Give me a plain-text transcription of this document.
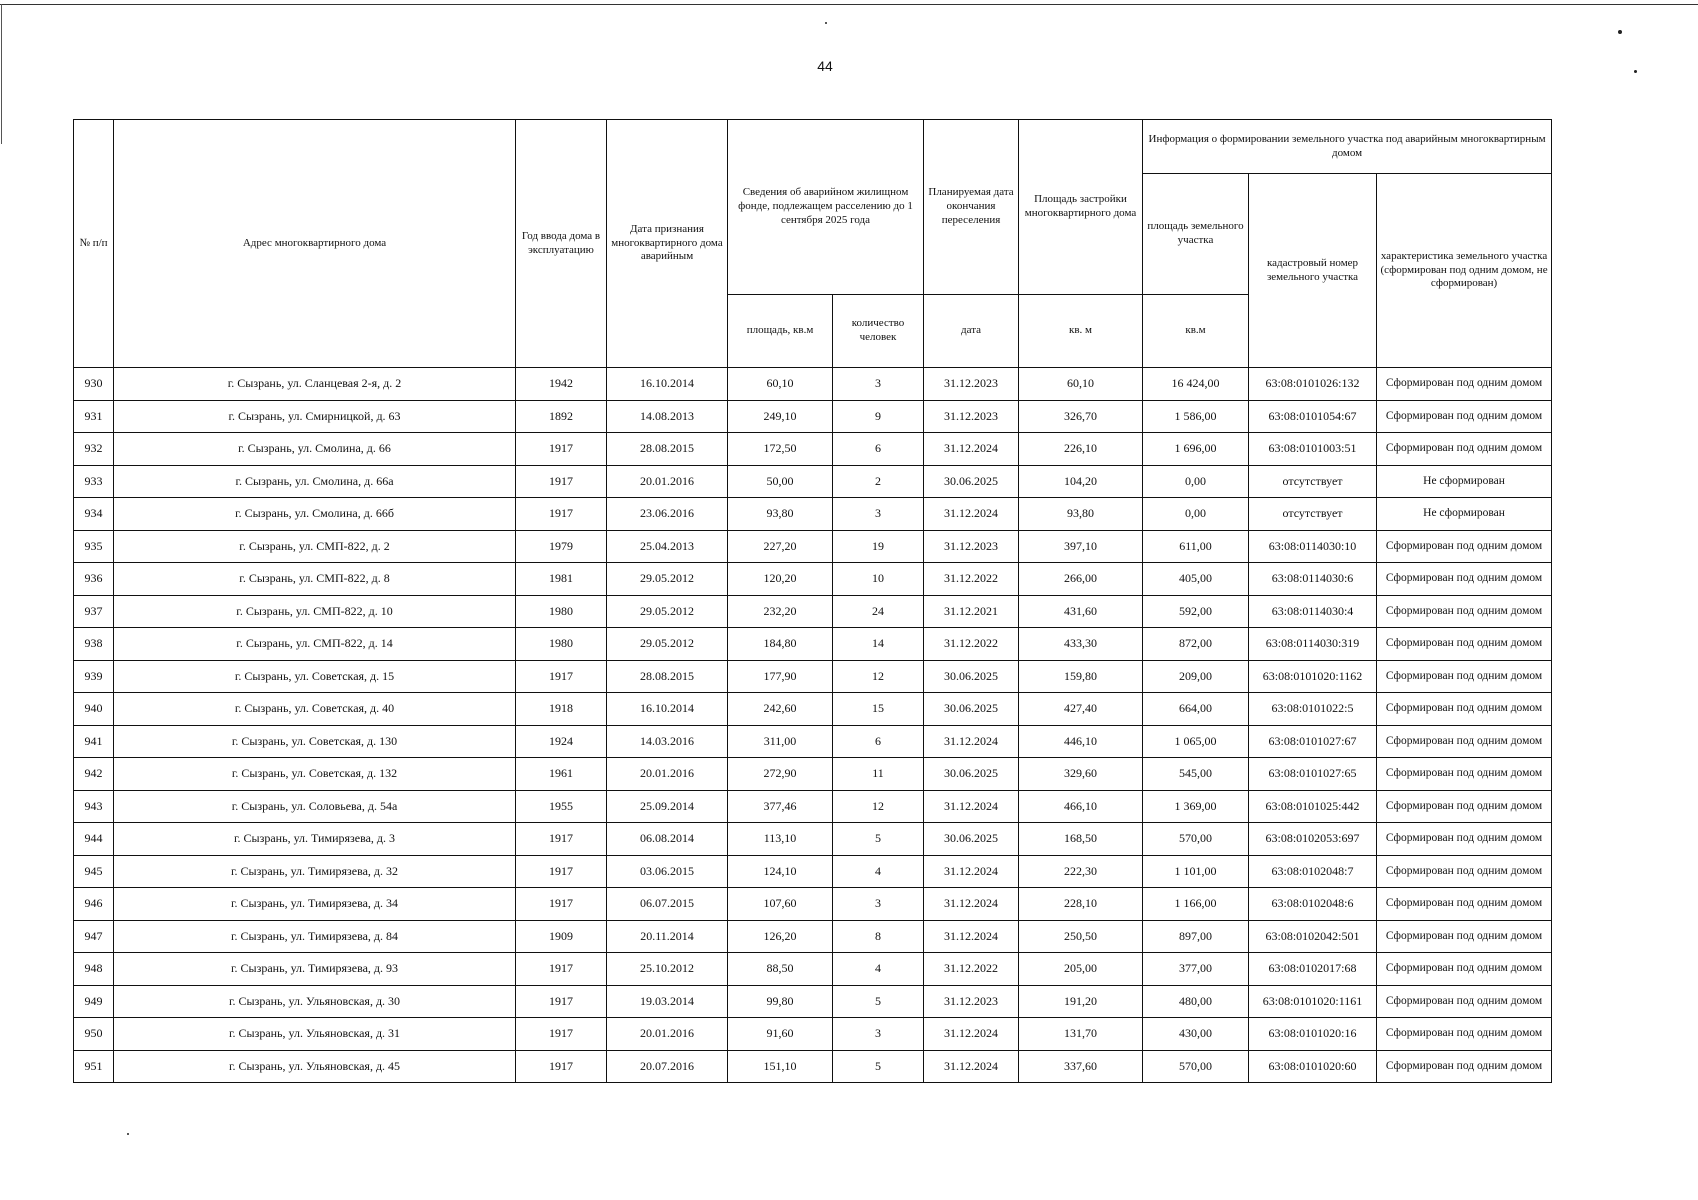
44
№ п/п	Адрес многоквартирного дома	Год ввода дома в эксплуатацию	Дата признания многоквартирного дома аварийным	Сведения об аварийном жилищном фонде, подлежащем расселению до 1 сентября 2025 года		Планируемая дата окончания переселения	Площадь застройки многоквартирного дома	Информация о формировании земельного участка под аварийным многоквартирным домом		
								площадь земельного участка	кадастровый номер земельного участка	характеристика земельного участка (сформирован под одним домом, не сформирован)
				площадь, кв.м	количество человек	дата	кв. м	кв.м		
930	г. Сызрань, ул. Сланцевая 2-я, д. 2	1942	16.10.2014	60,10	3	31.12.2023	60,10	16 424,00	63:08:0101026:132	Сформирован под одним домом
931	г. Сызрань, ул. Смирницкой, д. 63	1892	14.08.2013	249,10	9	31.12.2023	326,70	1 586,00	63:08:0101054:67	Сформирован под одним домом
932	г. Сызрань, ул. Смолина, д. 66	1917	28.08.2015	172,50	6	31.12.2024	226,10	1 696,00	63:08:0101003:51	Сформирован под одним домом
933	г. Сызрань, ул. Смолина, д. 66а	1917	20.01.2016	50,00	2	30.06.2025	104,20	0,00	отсутствует	Не сформирован
934	г. Сызрань, ул. Смолина, д. 66б	1917	23.06.2016	93,80	3	31.12.2024	93,80	0,00	отсутствует	Не сформирован
935	г. Сызрань, ул. СМП-822, д. 2	1979	25.04.2013	227,20	19	31.12.2023	397,10	611,00	63:08:0114030:10	Сформирован под одним домом
936	г. Сызрань, ул. СМП-822, д. 8	1981	29.05.2012	120,20	10	31.12.2022	266,00	405,00	63:08:0114030:6	Сформирован под одним домом
937	г. Сызрань, ул. СМП-822, д. 10	1980	29.05.2012	232,20	24	31.12.2021	431,60	592,00	63:08:0114030:4	Сформирован под одним домом
938	г. Сызрань, ул. СМП-822, д. 14	1980	29.05.2012	184,80	14	31.12.2022	433,30	872,00	63:08:0114030:319	Сформирован под одним домом
939	г. Сызрань, ул. Советская, д. 15	1917	28.08.2015	177,90	12	30.06.2025	159,80	209,00	63:08:0101020:1162	Сформирован под одним домом
940	г. Сызрань, ул. Советская, д. 40	1918	16.10.2014	242,60	15	30.06.2025	427,40	664,00	63:08:0101022:5	Сформирован под одним домом
941	г. Сызрань, ул. Советская, д. 130	1924	14.03.2016	311,00	6	31.12.2024	446,10	1 065,00	63:08:0101027:67	Сформирован под одним домом
942	г. Сызрань, ул. Советская, д. 132	1961	20.01.2016	272,90	11	30.06.2025	329,60	545,00	63:08:0101027:65	Сформирован под одним домом
943	г. Сызрань, ул. Соловьева, д. 54а	1955	25.09.2014	377,46	12	31.12.2024	466,10	1 369,00	63:08:0101025:442	Сформирован под одним домом
944	г. Сызрань, ул. Тимирязева, д. 3	1917	06.08.2014	113,10	5	30.06.2025	168,50	570,00	63:08:0102053:697	Сформирован под одним домом
945	г. Сызрань, ул. Тимирязева, д. 32	1917	03.06.2015	124,10	4	31.12.2024	222,30	1 101,00	63:08:0102048:7	Сформирован под одним домом
946	г. Сызрань, ул. Тимирязева, д. 34	1917	06.07.2015	107,60	3	31.12.2024	228,10	1 166,00	63:08:0102048:6	Сформирован под одним домом
947	г. Сызрань, ул. Тимирязева, д. 84	1909	20.11.2014	126,20	8	31.12.2024	250,50	897,00	63:08:0102042:501	Сформирован под одним домом
948	г. Сызрань, ул. Тимирязева, д. 93	1917	25.10.2012	88,50	4	31.12.2022	205,00	377,00	63:08:0102017:68	Сформирован под одним домом
949	г. Сызрань, ул. Ульяновская, д. 30	1917	19.03.2014	99,80	5	31.12.2023	191,20	480,00	63:08:0101020:1161	Сформирован под одним домом
950	г. Сызрань, ул. Ульяновская, д. 31	1917	20.01.2016	91,60	3	31.12.2024	131,70	430,00	63:08:0101020:16	Сформирован под одним домом
951	г. Сызрань, ул. Ульяновская, д. 45	1917	20.07.2016	151,10	5	31.12.2024	337,60	570,00	63:08:0101020:60	Сформирован под одним домом
